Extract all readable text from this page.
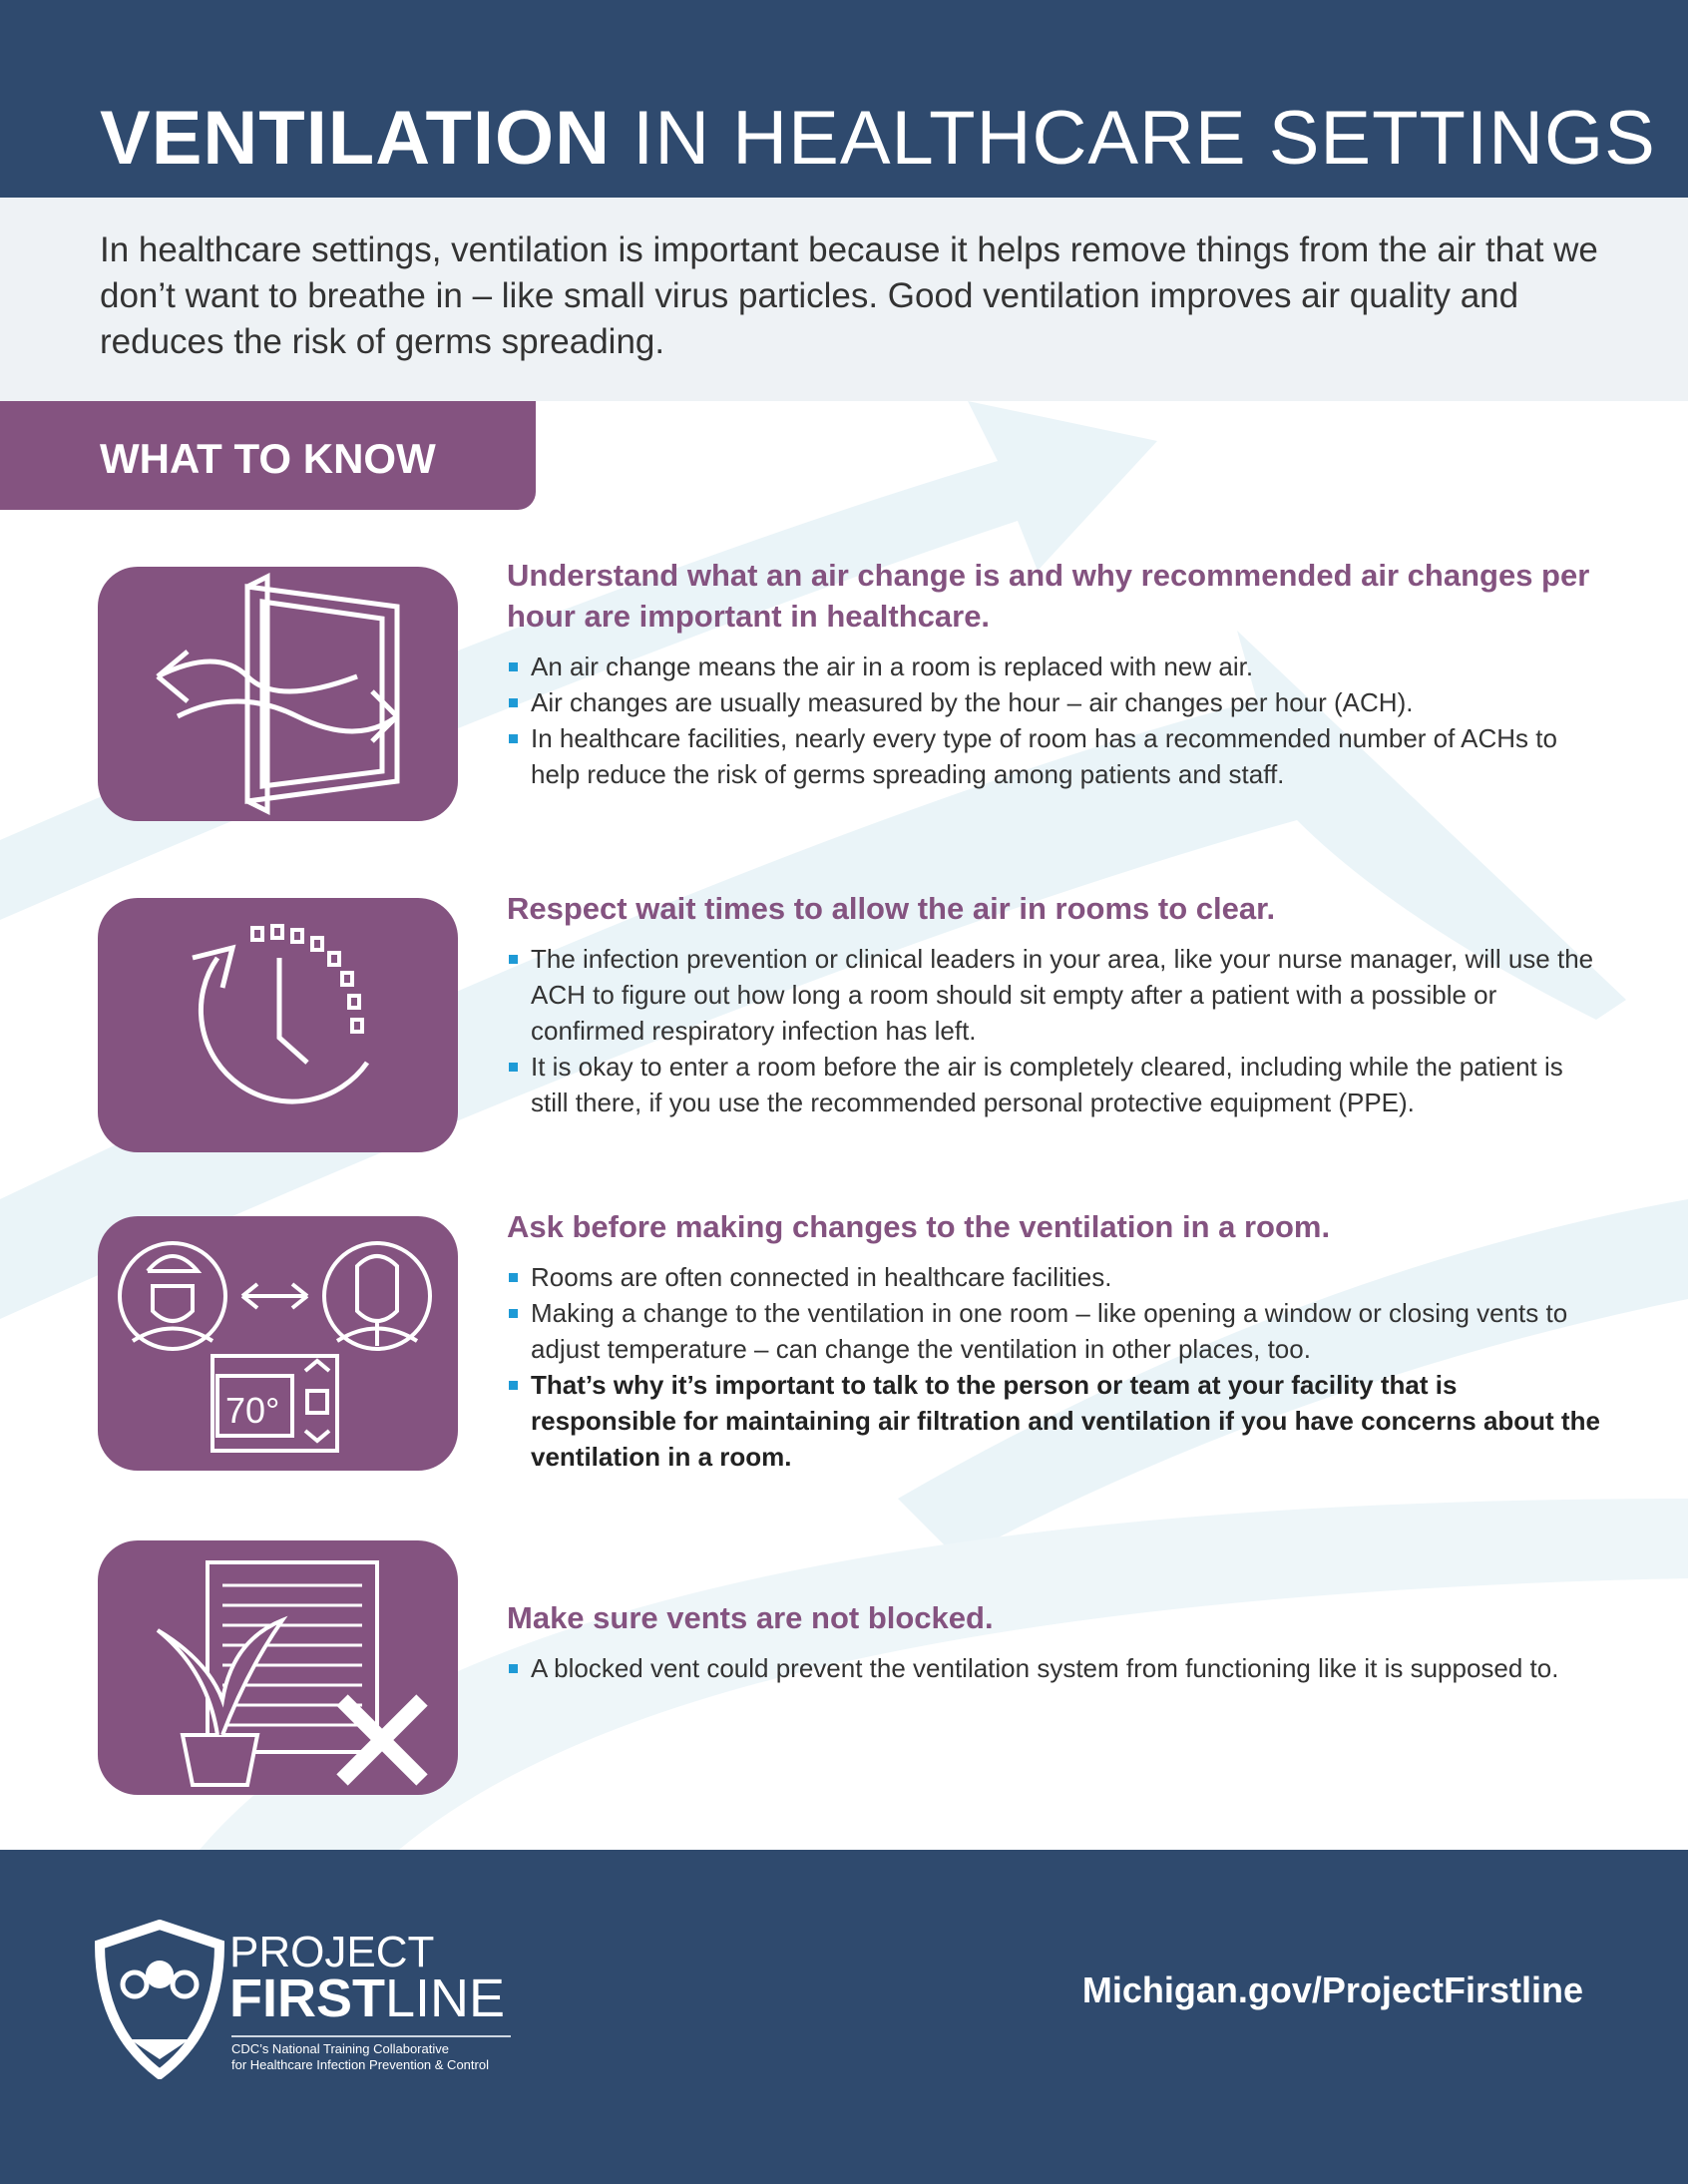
VENTILATION IN HEALTHCARE SETTINGS

In healthcare settings, ventilation is important because it helps remove things from the air that we don’t want to breathe in – like small virus particles. Good ventilation improves air quality and reduces the risk of germs spreading.

WHAT TO KNOW
Understand what an air change is and why recommended air changes per hour are important in healthcare.
An air change means the air in a room is replaced with new air.
Air changes are usually measured by the hour – air changes per hour (ACH).
In healthcare facilities, nearly every type of room has a recommended number of ACHs to help reduce the risk of germs spreading among patients and staff.
Respect wait times to allow the air in rooms to clear.
The infection prevention or clinical leaders in your area, like your nurse manager, will use the ACH to figure out how long a room should sit empty after a patient with a possible or confirmed respiratory infection has left.
It is okay to enter a room before the air is completely cleared, including while the patient is still there, if you use the recommended personal protective equipment (PPE).
70°
Ask before making changes to the ventilation in a room.
Rooms are often connected in healthcare facilities.
Making a change to the ventilation in one room – like opening a window or closing vents to adjust temperature – can change the ventilation in other places, too.
That’s why it’s important to talk to the person or team at your facility that is responsible for maintaining air filtration and ventilation if you have concerns about the ventilation in a room.
Make sure vents are not blocked.
A blocked vent could prevent the ventilation system from functioning like it is supposed to.
PROJECT
FIRSTLINE
CDC’s National Training Collaborative
for Healthcare Infection Prevention & Control
Michigan.gov/ProjectFirstline
